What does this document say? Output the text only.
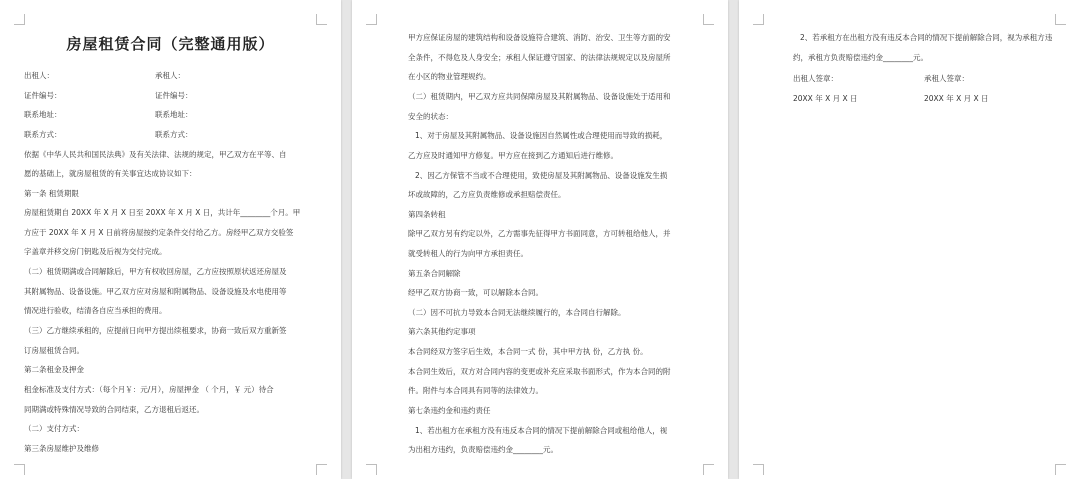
房屋租赁合同（完整通用版）
出租人：	承租人：
证件编号：	证件编号：
联系地址：	联系地址：
联系方式：	联系方式：
依据《中华人民共和国民法典》及有关法律、法规的规定，甲乙双方在平等、自
愿的基础上，就房屋租赁的有关事宜达成协议如下：
第一条 租赁期限
房屋租赁期自 20XX 年 X 月 X 日至 20XX 年 X 月 X 日，共计年________个月。甲
方应于 20XX 年 X 月 X 日前将房屋按约定条件交付给乙方。房经甲乙双方交验签
字盖章并移交房门钥匙及后视为交付完成。
（二）租赁期满或合同解除后，甲方有权收回房屋，乙方应按照原状返还房屋及
其附属物品、设备设施。甲乙双方应对房屋和附属物品、设备设施及水电使用等
情况进行验收，结清各自应当承担的费用。
（三）乙方继续承租的，应提前日向甲方提出续租要求，协商一致后双方重新签
订房屋租赁合同。
第二条租金及押金
租金标准及支付方式：（每个月￥：元/月），房屋押金 （ 个月，￥ 元）待合
同期满或特殊情况导致的合同结束，乙方退租后返还。
（二）支付方式：
第三条房屋维护及维修
甲方应保证房屋的建筑结构和设备设施符合建筑、消防、治安、卫生等方面的安
全条件，不得危及人身安全；承租人保证遵守国家、的法律法规规定以及房屋所
在小区的物业管理规约。
（二）租赁期内，甲乙双方应共同保障房屋及其附属物品、设备设施处于适用和
安全的状态：
1、对于房屋及其附属物品、设备设施因自然属性或合理使用而导致的损耗，
乙方应及时通知甲方修复。甲方应在接到乙方通知后进行维修。
2、因乙方保管不当或不合理使用，致使房屋及其附属物品、设备设施发生损
坏或故障的，乙方应负责维修或承担赔偿责任。
第四条转租
除甲乙双方另有约定以外，乙方需事先征得甲方书面同意，方可转租给他人，并
就受转租人的行为向甲方承担责任。
第五条合同解除
经甲乙双方协商一致，可以解除本合同。
（二）因不可抗力导致本合同无法继续履行的，本合同自行解除。
第六条其他约定事项
本合同经双方签字后生效，本合同一式 份，其中甲方执 份，乙方执 份。
本合同生效后，双方对合同内容的变更或补充应采取书面形式，作为本合同的附
件。附件与本合同具有同等的法律效力。
第七条违约金和违约责任
1、若出租方在承租方没有违反本合同的情况下提前解除合同或租给他人，视
为出租方违约，负责赔偿违约金________元。
2、若承租方在出租方没有违反本合同的情况下提前解除合同，视为承租方违
约，承租方负责赔偿违约金________元。
出租人签章：	承租人签章：
20XX 年 X 月 X 日	20XX 年 X 月 X 日
